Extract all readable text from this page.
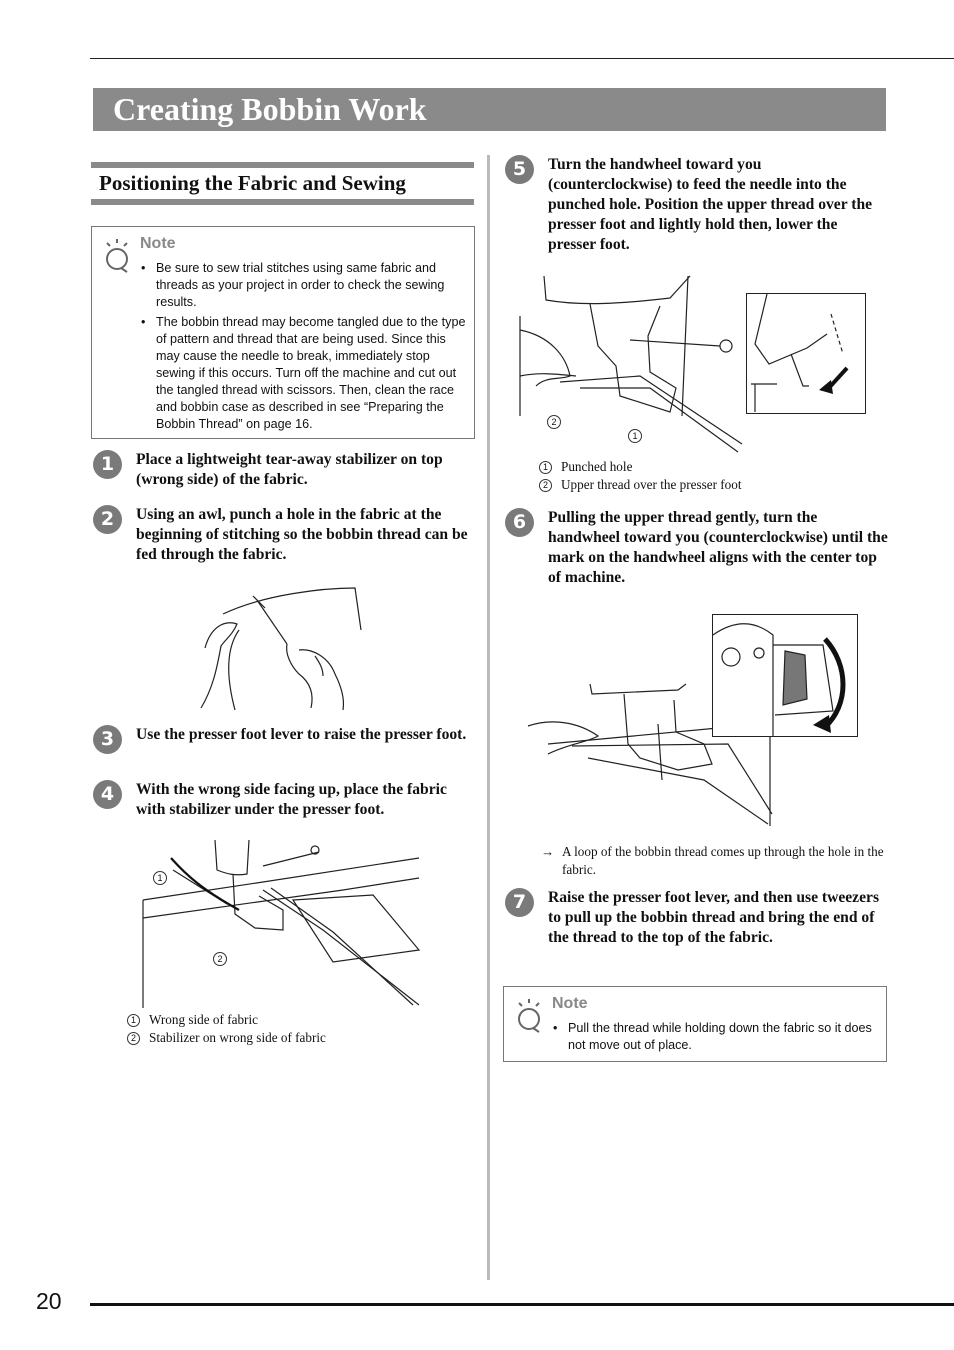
Creating Bobbin Work
Positioning the Fabric and Sewing
Note
• Be sure to sew trial stitches using same fabric and threads as your project in order to check the sewing results.
• The bobbin thread may become tangled due to the type of pattern and thread that are being used. Since this may cause the needle to break, immediately stop sewing if this occurs. Turn off the machine and cut out the tangled thread with scissors. Then, clean the race and bobbin case as described in see “Preparing the Bobbin Thread” on page 16.
1	Place a lightweight tear-away stabilizer on top (wrong side) of the fabric.
2	Using an awl, punch a hole in the fabric at the beginning of stitching so the bobbin thread can be fed through the fabric.
3	Use the presser foot lever to raise the presser foot.
4	With the wrong side facing up, place the fabric with stabilizer under the presser foot.
1
2
1 Wrong side of fabric
2 Stabilizer on wrong side of fabric
5	Turn the handwheel toward you (counterclockwise) to feed the needle into the punched hole. Position the upper thread over the presser foot and lightly hold then, lower the presser foot.
2
1
1 Punched hole
2 Upper thread over the presser foot
6	Pulling the upper thread gently, turn the handwheel toward you (counterclockwise) until the mark on the handwheel aligns with the center top of machine.
→ A loop of the bobbin thread comes up through the hole in the fabric.
7	Raise the presser foot lever, and then use tweezers to pull up the bobbin thread and bring the end of the thread to the top of the fabric.
Note
• Pull the thread while holding down the fabric so it does not move out of place.
20
